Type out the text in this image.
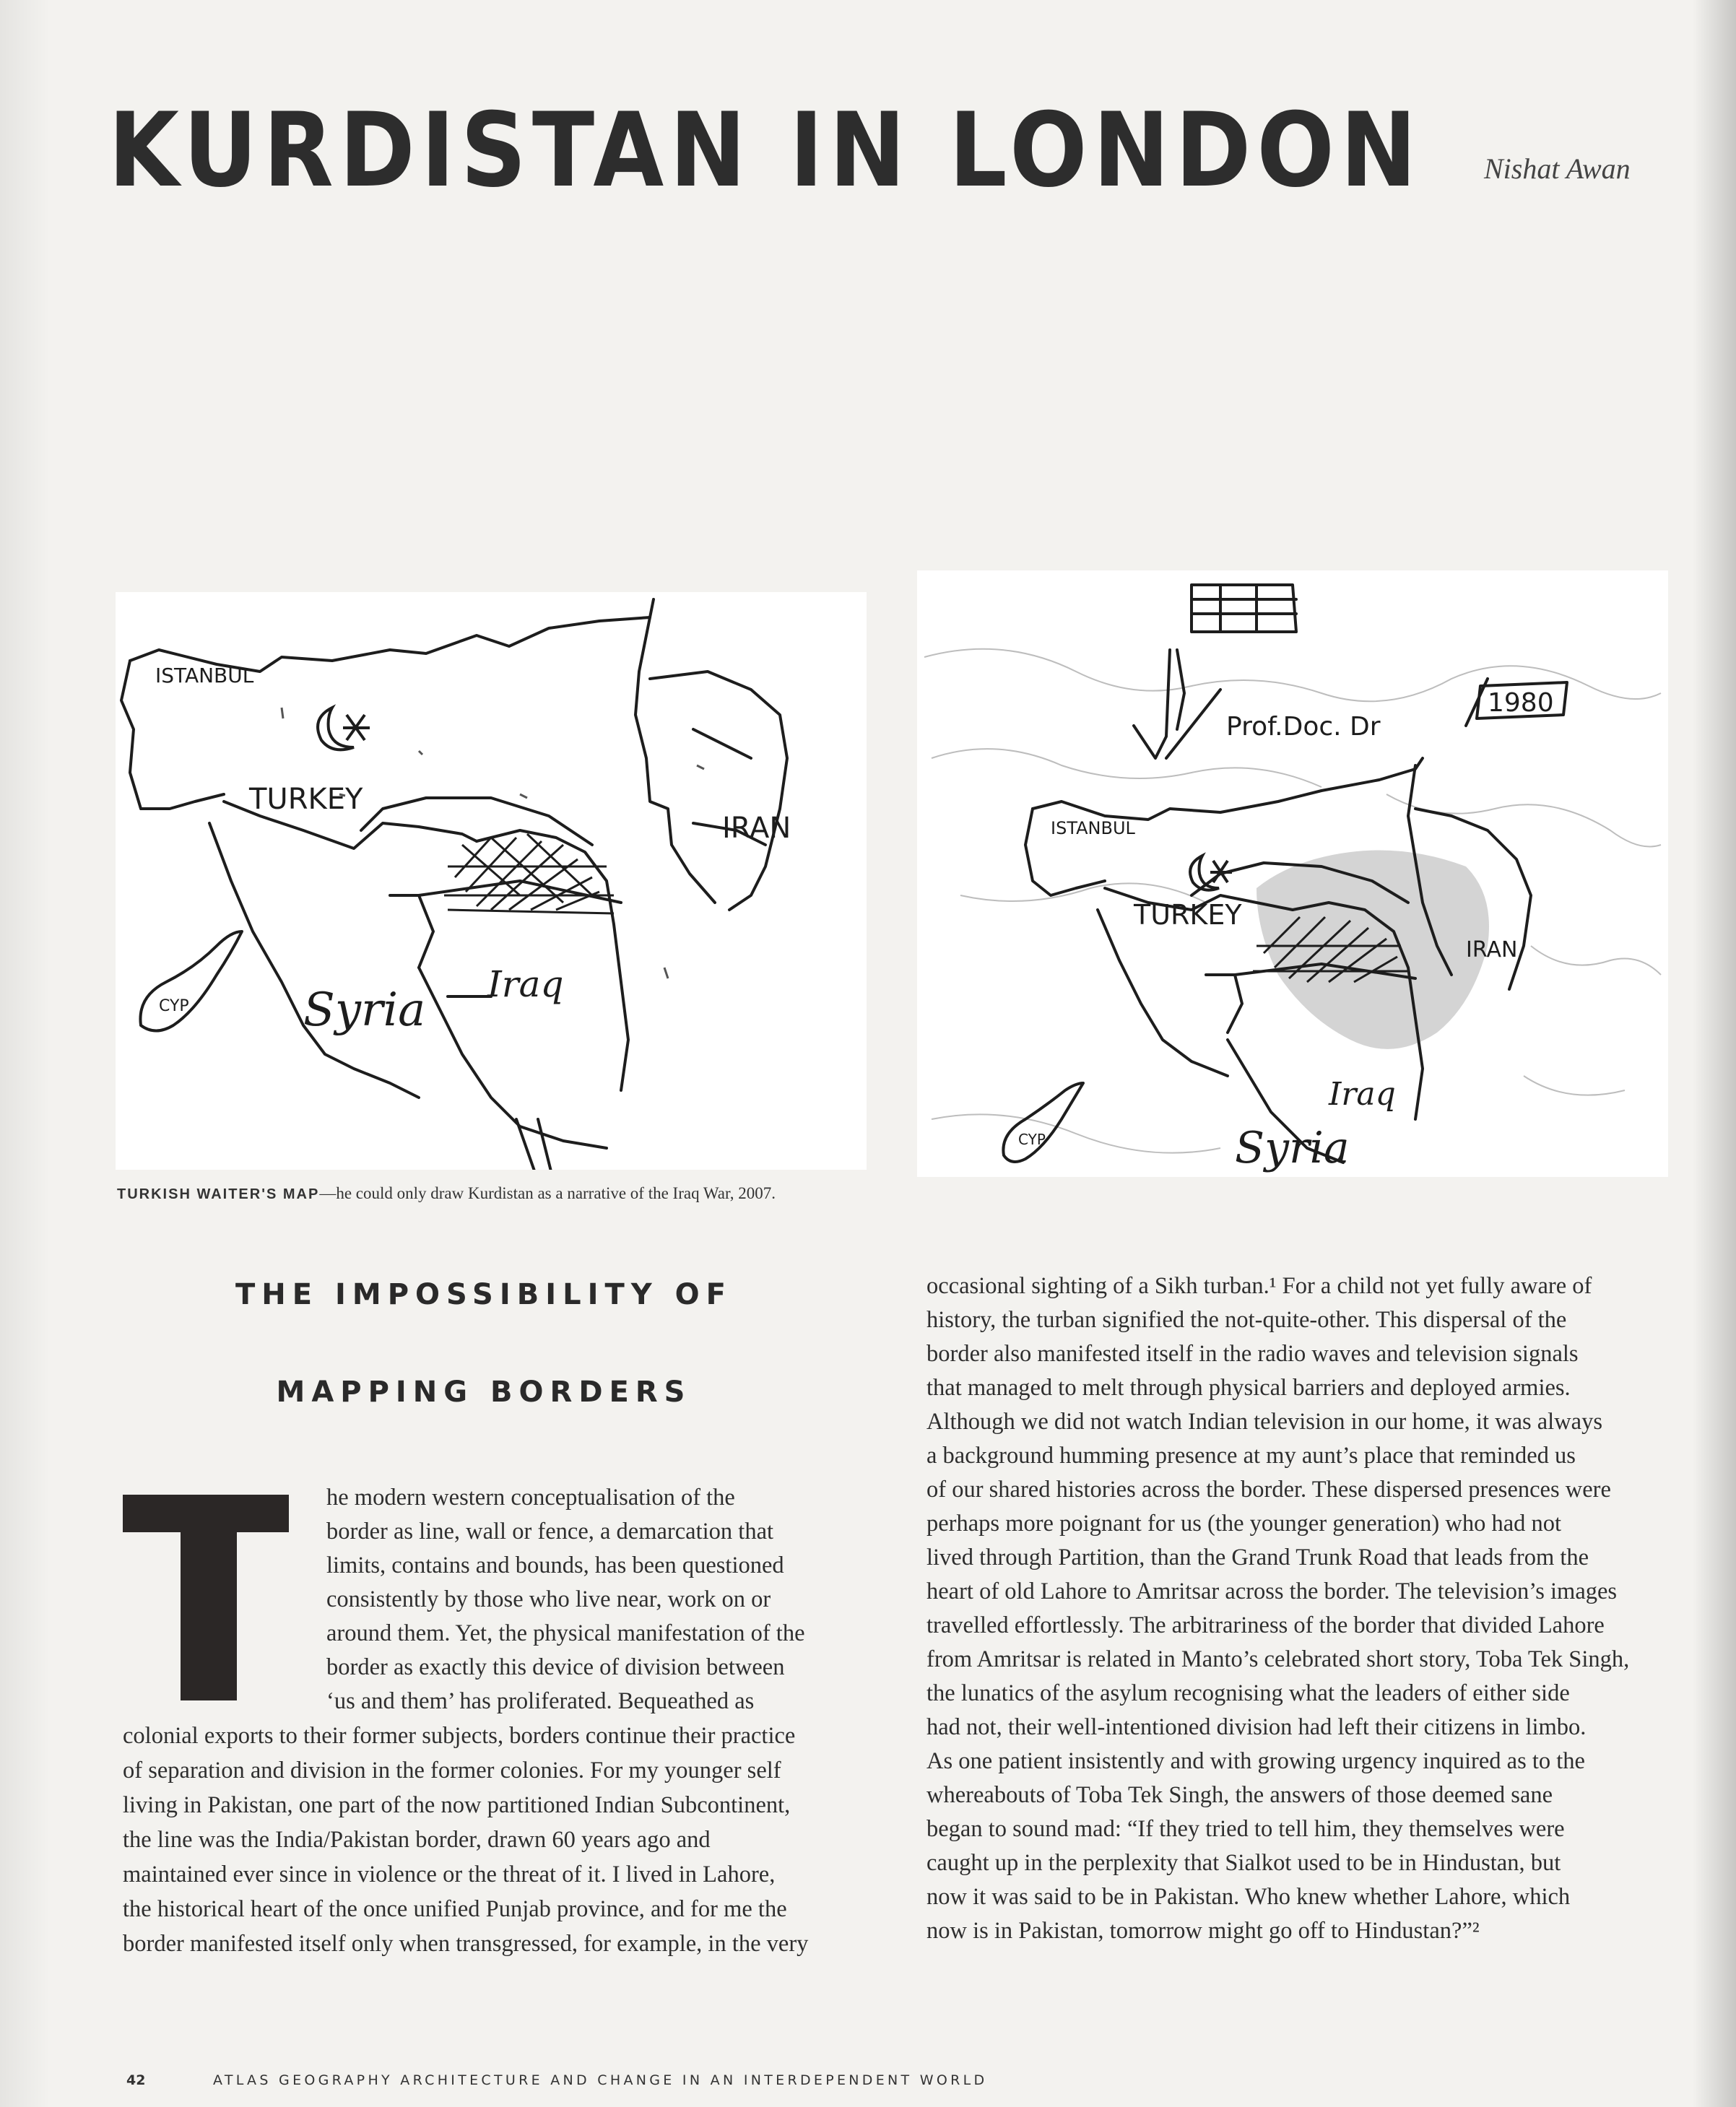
KURDISTAN IN LONDON Nishat Awan
ISTANBUL
TURKEY
IRAN
Syria Iraq
CYP
Prof.Doc. Dr
1980
ISTANBUL
TURKEY
IRAN
Syria
Iraq
CYP
TURKISH WAITER'S MAP—he could only draw Kurdistan as a narrative of the Iraq War, 2007.
THE IMPOSSIBILITY OF
MAPPING BORDERS
he modern western conceptualisation of the
border as line, wall or fence, a demarcation that
limits, contains and bounds, has been questioned
consistently by those who live near, work on or
around them. Yet, the physical manifestation of the
border as exactly this device of division between
‘us and them’ has proliferated. Bequeathed as
colonial exports to their former subjects, borders continue their practice
of separation and division in the former colonies. For my younger self
living in Pakistan, one part of the now partitioned Indian Subcontinent,
the line was the India/Pakistan border, drawn 60 years ago and
maintained ever since in violence or the threat of it. I lived in Lahore,
the historical heart of the once unified Punjab province, and for me the
border manifested itself only when transgressed, for example, in the very
occasional sighting of a Sikh turban.¹ For a child not yet fully aware of
history, the turban signified the not-quite-other. This dispersal of the
border also manifested itself in the radio waves and television signals
that managed to melt through physical barriers and deployed armies.
Although we did not watch Indian television in our home, it was always
a background humming presence at my aunt’s place that reminded us
of our shared histories across the border. These dispersed presences were
perhaps more poignant for us (the younger generation) who had not
lived through Partition, than the Grand Trunk Road that leads from the
heart of old Lahore to Amritsar across the border. The television’s images
travelled effortlessly. The arbitrariness of the border that divided Lahore
from Amritsar is related in Manto’s celebrated short story, Toba Tek Singh,
the lunatics of the asylum recognising what the leaders of either side
had not, their well-intentioned division had left their citizens in limbo.
As one patient insistently and with growing urgency inquired as to the
whereabouts of Toba Tek Singh, the answers of those deemed sane
began to sound mad: “If they tried to tell him, they themselves were
caught up in the perplexity that Sialkot used to be in Hindustan, but
now it was said to be in Pakistan. Who knew whether Lahore, which
now is in Pakistan, tomorrow might go off to Hindustan?”²
42	ATLAS GEOGRAPHY ARCHITECTURE AND CHANGE IN AN INTERDEPENDENT WORLD
